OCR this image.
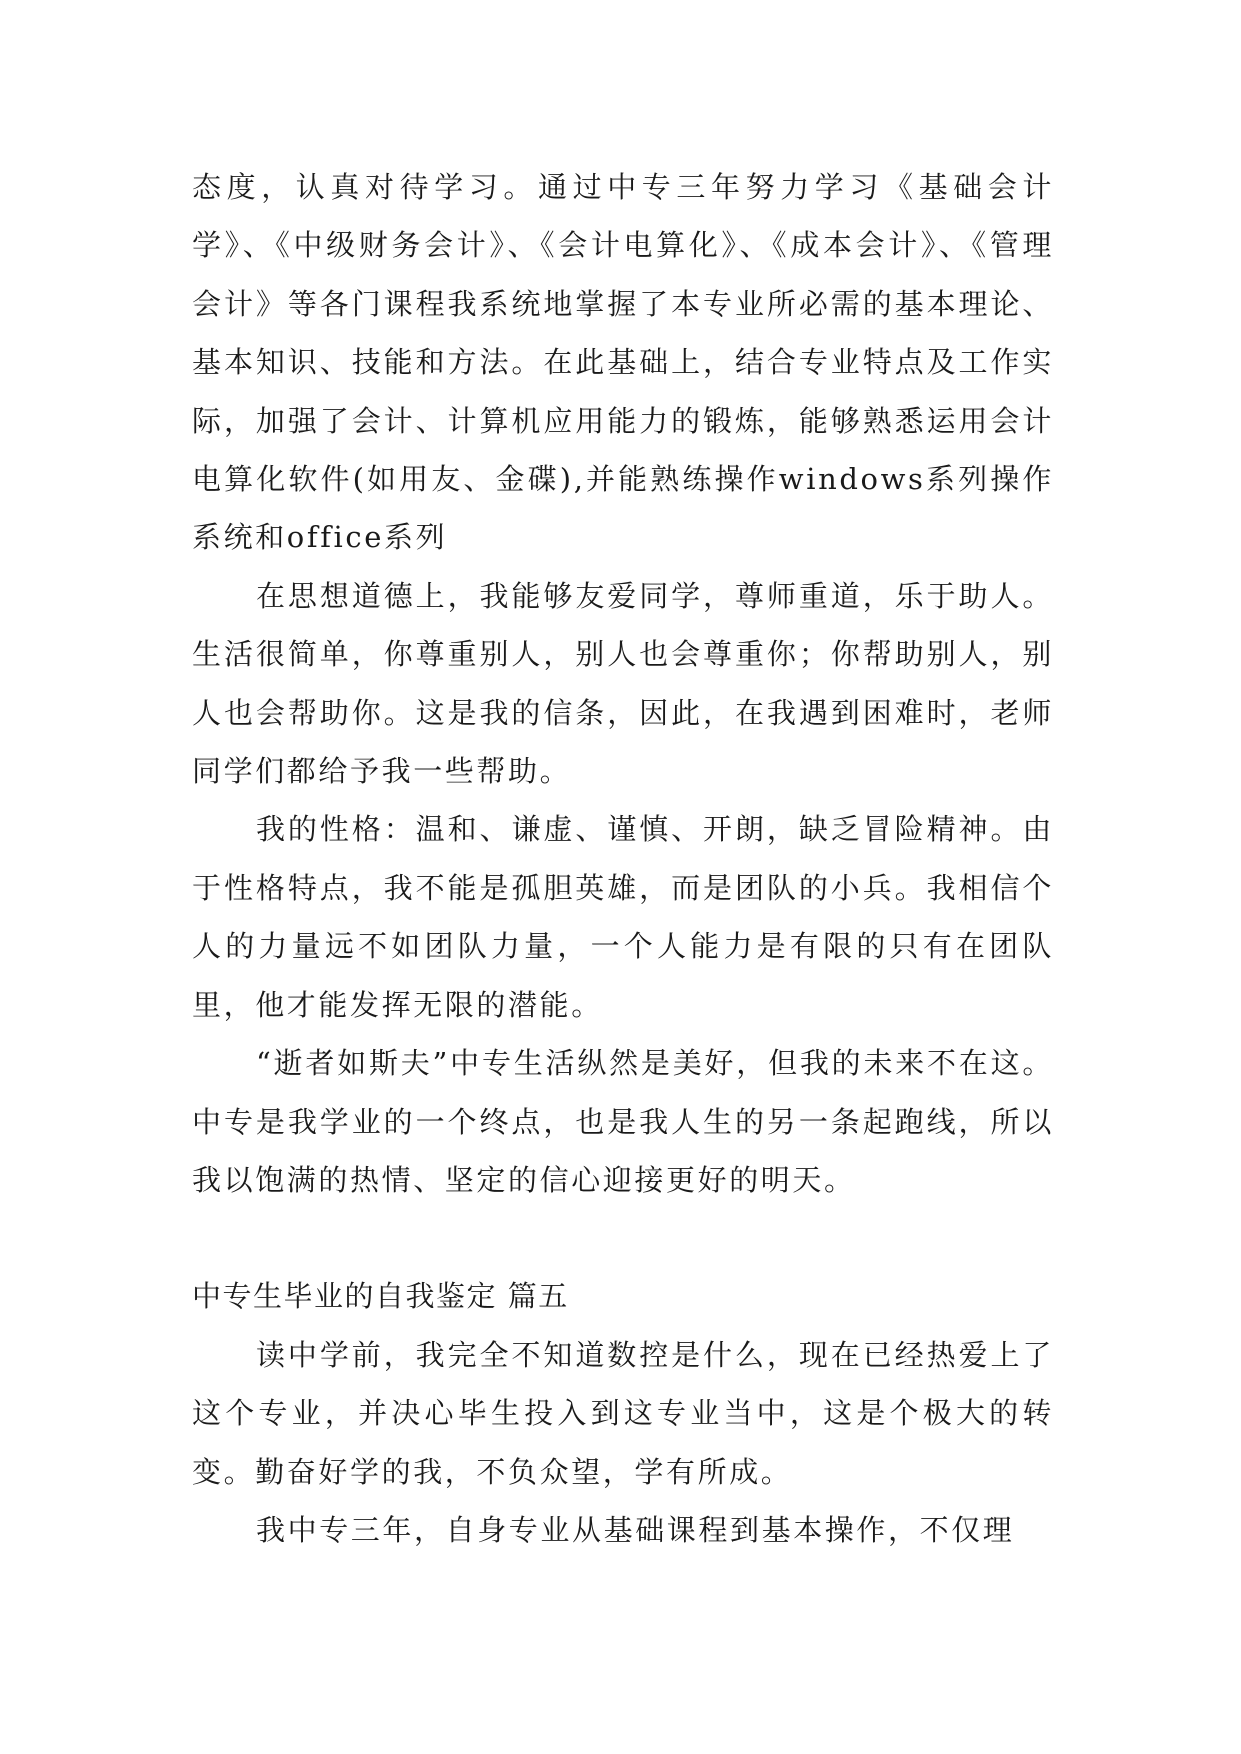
态度，认真对待学习。通过中专三年努力学习《基础会计学》、《中级财务会计》、《会计电算化》、《成本会计》、《管理会计》等各门课程我系统地掌握了本专业所必需的基本理论、基本知识、技能和方法。在此基础上，结合专业特点及工作实际，加强了会计、计算机应用能力的锻炼，能够熟悉运用会计电算化软件(如用友、金碟),并能熟练操作windows系列操作系统和office系列

在思想道德上，我能够友爱同学，尊师重道，乐于助人。生活很简单，你尊重别人，别人也会尊重你；你帮助别人，别人也会帮助你。这是我的信条，因此，在我遇到困难时，老师同学们都给予我一些帮助。

我的性格：温和、谦虚、谨慎、开朗，缺乏冒险精神。由于性格特点，我不能是孤胆英雄，而是团队的小兵。我相信个人的力量远不如团队力量，一个人能力是有限的只有在团队里，他才能发挥无限的潜能。

“逝者如斯夫”中专生活纵然是美好，但我的未来不在这。中专是我学业的一个终点，也是我人生的另一条起跑线，所以我以饱满的热情、坚定的信心迎接更好的明天。

中专生毕业的自我鉴定 篇五

读中学前，我完全不知道数控是什么，现在已经热爱上了这个专业，并决心毕生投入到这专业当中，这是个极大的转变。勤奋好学的我，不负众望，学有所成。

我中专三年，自身专业从基础课程到基本操作，不仅理
